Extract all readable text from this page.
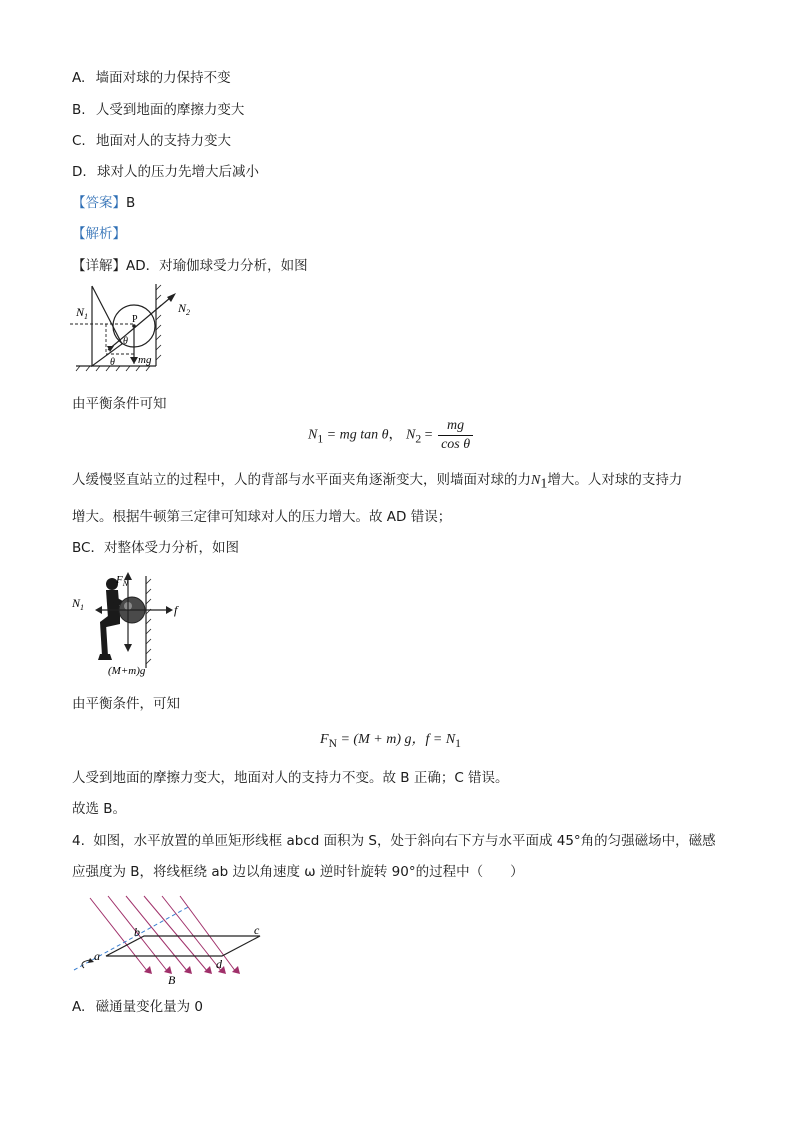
A. 墙面对球的力保持不变
B. 人受到地面的摩擦力变大
C. 地面对人的支持力变大
D. 球对人的压力先增大后减小
【答案】B
【解析】
【详解】AD．对瑜伽球受力分析，如图
$N_1$
$N_2$
P
θ
θ mg
由平衡条件可知
$N_1$ = mg tan θ， $N_2 = \frac{mg}{\text{cos θ}}$
人缓慢竖直站立的过程中，人的背部与水平面夹角逐渐变大，则墙面对球的力$N_1$增大。人对球的支持力
增大。根据牛顿第三定律可知球对人的压力增大。故 AD 错误；
BC．对整体受力分析，如图
$F_N$
$N_1$	f
(M+m)g
由平衡条件，可知
$F_N = (M + m)$ g，$f = N_1$
人受到地面的摩擦力变大，地面对人的支持力不变。故 B 正确；C 错误。
故选 B。
4. 如图，水平放置的单匝矩形线框 abcd 面积为 S，处于斜向右下方与水平面成 45°角的匀强磁场中，磁感
应强度为 B，将线框绕 ab 边以角速度 ω 逆时针旋转 90°的过程中（　　）
a
b	c
d
B
A. 磁通量变化量为 0
